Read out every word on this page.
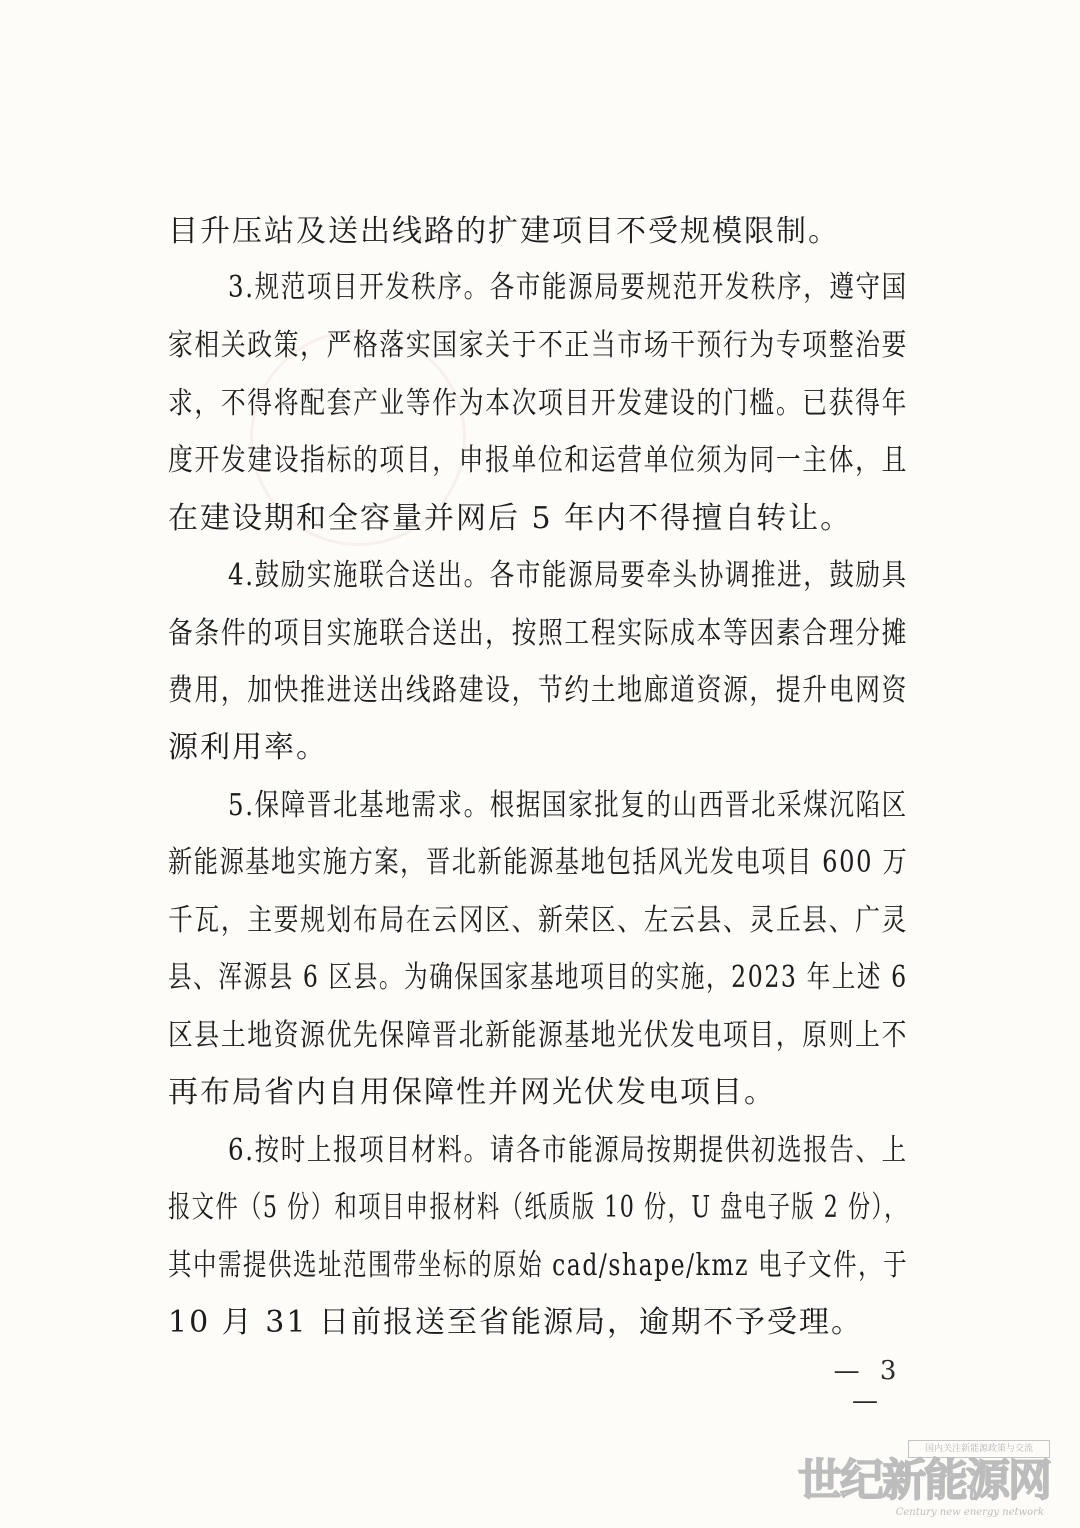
目升压站及送出线路的扩建项目不受规模限制。
3.规范项目开发秩序。各市能源局要规范开发秩序，遵守国
家相关政策，严格落实国家关于不正当市场干预行为专项整治要
求，不得将配套产业等作为本次项目开发建设的门槛。已获得年
度开发建设指标的项目，申报单位和运营单位须为同一主体，且
在建设期和全容量并网后 5 年内不得擅自转让。
4.鼓励实施联合送出。各市能源局要牵头协调推进，鼓励具
备条件的项目实施联合送出，按照工程实际成本等因素合理分摊
费用，加快推进送出线路建设，节约土地廊道资源，提升电网资
源利用率。
5.保障晋北基地需求。根据国家批复的山西晋北采煤沉陷区
新能源基地实施方案，晋北新能源基地包括风光发电项目 600 万
千瓦，主要规划布局在云冈区、新荣区、左云县、灵丘县、广灵
县、浑源县 6 区县。为确保国家基地项目的实施，2023 年上述 6
区县土地资源优先保障晋北新能源基地光伏发电项目，原则上不
再布局省内自用保障性并网光伏发电项目。
6.按时上报项目材料。请各市能源局按期提供初选报告、上
报文件（5 份）和项目申报材料（纸质版 10 份，U 盘电子版 2 份），
其中需提供选址范围带坐标的原始 cad/shape/kmz 电子文件，于
10 月 31 日前报送至省能源局，逾期不予受理。
— 3 —
国内关注新能源政策与交流
世纪新能源网
Century new energy network
